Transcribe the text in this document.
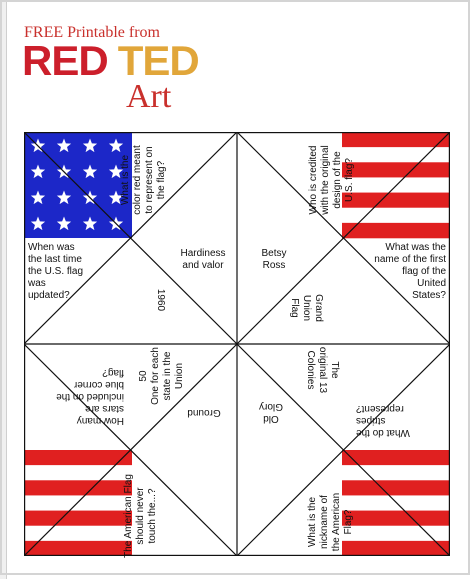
FREE Printable from
RED TED
Art
What is the
color red meant
to represent on
the flag?
Who is credited
with the original
design of the
U.S. flag?
When was
the last time
the U.S. flag
was
updated?
What was the
name of the first
flag of the
United
States?
How many
stars are
included on the
blue corner
flag?
What do the
stripes
represent?
The American Flag
should never
touch the...?
What is the
nickname of
the American
Flag?
Hardiness
and valor
Betsy
Ross
1960	Grand
Union
Flag
50
One for each
state in the
Union	The
original 13
Colonies
Ground
Old
Glory
